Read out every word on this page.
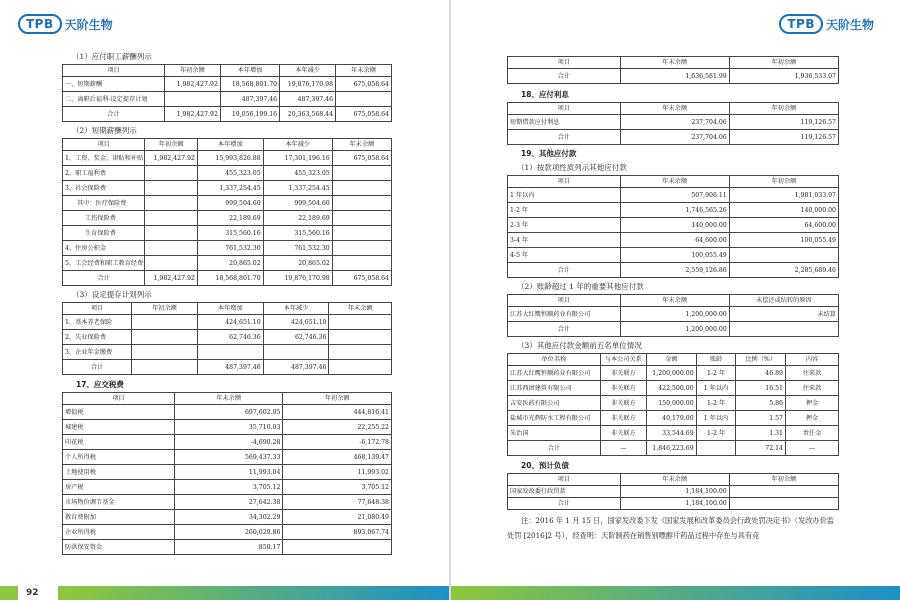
TPB 天阶生物
（1）应付职工薪酬列示
项目	年初余额	本年增加	本年减少	年末余额
一、短期薪酬	1,982,427.92	18,568,801.70	19,876,170.98	675,058.64
二、离职后福利-设定提存计划		487,397.46	487,397.46	
合计	1,982,427.92	19,056,199.16	20,363,568.44	675,058.64
（2）短期薪酬列示
项目	年初余额	本年增加	本年减少	年末余额
1、工资、奖金、津贴和补贴	1,982,427.92	15,993,826.88	17,301,196.16	675,058.64
2、职工福利费		455,323.05	455,323.05	
3、社会保险费		1,337,254.45	1,337,254.45	
其中：医疗保险费		999,504.60	999,504.60	
工伤保险费		22,189.69	22,189.69	
生育保险费		315,560.16	315,560.16	
4、住房公积金		761,532.30	761,532.30	
5、工会经费和职工教育经费		20,865.02	20,865.02	
合计	1,982,427.92	18,568,801.70	19,876,170.98	675,058.64
（3）设定提存计划列示
项目	年初余额	本年增加	本年减少	年末余额
1、基本养老保险		424,651.10	424,651.10	
2、失业保险费		62,746.36	62,746.36	
3、企业年金缴费				
合计		487,397.46	487,397.46	
17、应交税费
项目	年末余额	年初余额
增值税	697,602.05	444,816.41
城建税	35,710.03	22,255.22
印花税	-4,690.28	-6,172.78
个人所得税	569,437.33	468,139.47
土地使用税	11,993.04	11,993.02
房产税	3,705.12	3,705.12
市场物价调节基金	27,642.38	77,648.38
教育费附加	34,302.29	21,080.49
企业所得税	260,029.86	893,067.74
防洪保安资金	850.17	
92
TPB 天阶生物
项目	年末余额	年初余额
合计	1,636,581.99	1,936,533.07
18、应付利息
项目	年末余额	年初余额
短期借款应付利息	237,704.06	119,126.57
合计	237,704.06	119,126.57
19、其他应付款
（1）按款项性质列示其他应付款
项目	年末余额	年初余额
1 年以内	507,906.11	1,981,033.97
1-2 年	1,746,565.26	140,000.00
2-3 年	140,000.00	64,600.00
3-4 年	64,600.00	100,055.49
4-5 年	100,055.49	
合计	2,559,126.86	2,285,689.46
（2）账龄超过 1 年的重要其他应付款
项目	年末余额	未偿还或结转的原因
江苏大红鹰恒顺药业有限公司	1,200,000.00	未结算
合计	1,200,000.00	
（3）其他应付款金额前五名单位情况
单位名称	与本公司关系	金额	账龄	比例（%）	内容
江苏大红鹰恒顺药业有限公司	非关联方	1,200,000.00	1-2 年	46.89	往来款
江苏西团建筑有限公司	非关联方	422,500.00	1 年以内	16.51	往来款
吉安医药有限公司	非关联方	150,000.00	1-2 年	5.86	押金
盐城市光辉防水工程有限公司	非关联方	40,179.00	1 年以内	1.57	押金
朱治国	非关联方	33,544.69	1-2 年	1.31	责任金
合计	—	1,846,223.69		72.14	—
20、预计负债
项目	年末余额	年初余额
国家发改委行政罚款	1,184,100.00	
合计	1,184,100.00	

注：2016 年 1 月 15 日，国家发改委下发《国家发展和改革委员会行政处罚决定书》（发改办价监处罚 [2016]2 号），经查明：天阶制药在销售别嘌醇片药品过程中存在与具有竞
